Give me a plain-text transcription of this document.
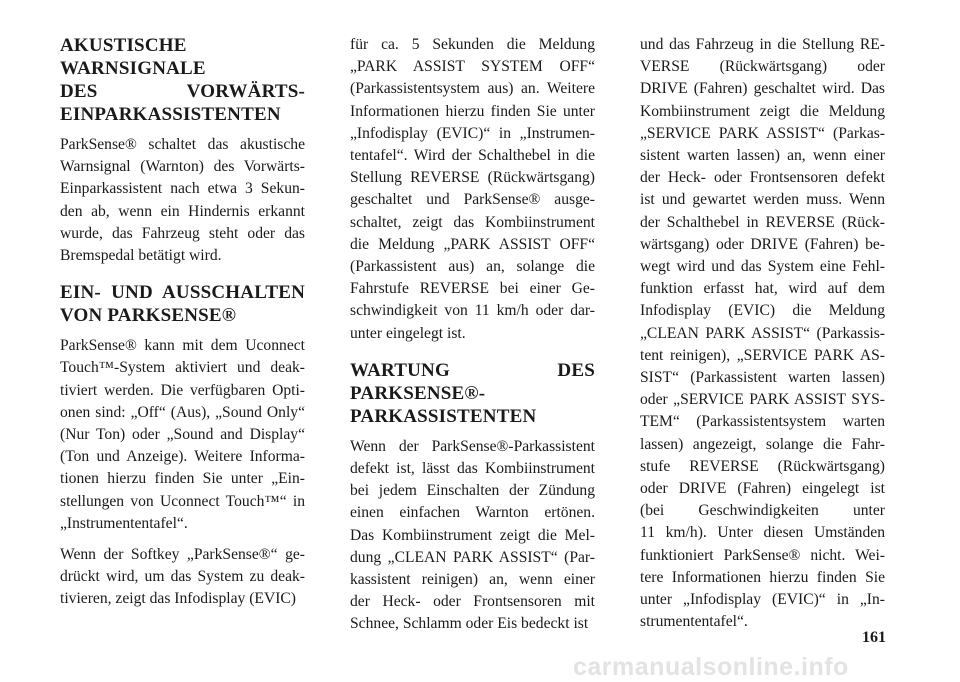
AKUSTISCHE
WARNSIGNALE
DES VORWÄRTS-
EINPARKASSISTENTEN

ParkSense® schaltet das akustische
Warnsignal (Warnton) des Vorwärts-
Einparkassistent nach etwa 3 Sekun-
den ab, wenn ein Hindernis erkannt
wurde, das Fahrzeug steht oder das
Bremspedal betätigt wird.

EIN- UND AUSSCHALTEN
VON PARKSENSE®

ParkSense® kann mit dem Uconnect
Touch™-System aktiviert und deak-
tiviert werden. Die verfügbaren Opti-
onen sind: „Off“ (Aus), „Sound Only“
(Nur Ton) oder „Sound and Display“
(Ton und Anzeige). Weitere Informa-
tionen hierzu finden Sie unter „Ein-
stellungen von Uconnect Touch™“ in
„Instrumententafel“.

Wenn der Softkey „ParkSense®“ ge-
drückt wird, um das System zu deak-
tivieren, zeigt das Infodisplay (EVIC)

für ca. 5 Sekunden die Meldung
„PARK ASSIST SYSTEM OFF“
(Parkassistentsystem aus) an. Weitere
Informationen hierzu finden Sie unter
„Infodisplay (EVIC)“ in „Instrumen-
tentafel“. Wird der Schalthebel in die
Stellung REVERSE (Rückwärtsgang)
geschaltet und ParkSense® ausge-
schaltet, zeigt das Kombiinstrument
die Meldung „PARK ASSIST OFF“
(Parkassistent aus) an, solange die
Fahrstufe REVERSE bei einer Ge-
schwindigkeit von 11 km/h oder dar-
unter eingelegt ist.

WARTUNG DES
PARKSENSE®-
PARKASSISTENTEN

Wenn der ParkSense®-Parkassistent
defekt ist, lässt das Kombiinstrument
bei jedem Einschalten der Zündung
einen einfachen Warnton ertönen.
Das Kombiinstrument zeigt die Mel-
dung „CLEAN PARK ASSIST“ (Par-
kassistent reinigen) an, wenn einer
der Heck- oder Frontsensoren mit
Schnee, Schlamm oder Eis bedeckt ist

und das Fahrzeug in die Stellung RE-
VERSE (Rückwärtsgang) oder
DRIVE (Fahren) geschaltet wird. Das
Kombiinstrument zeigt die Meldung
„SERVICE PARK ASSIST“ (Parkas-
sistent warten lassen) an, wenn einer
der Heck- oder Frontsensoren defekt
ist und gewartet werden muss. Wenn
der Schalthebel in REVERSE (Rück-
wärtsgang) oder DRIVE (Fahren) be-
wegt wird und das System eine Fehl-
funktion erfasst hat, wird auf dem
Infodisplay (EVIC) die Meldung
„CLEAN PARK ASSIST“ (Parkassis-
tent reinigen), „SERVICE PARK AS-
SIST“ (Parkassistent warten lassen)
oder „SERVICE PARK ASSIST SYS-
TEM“ (Parkassistentsystem warten
lassen) angezeigt, solange die Fahr-
stufe REVERSE (Rückwärtsgang)
oder DRIVE (Fahren) eingelegt ist
(bei Geschwindigkeiten unter
11 km/h). Unter diesen Umständen
funktioniert ParkSense® nicht. Wei-
tere Informationen hierzu finden Sie
unter „Infodisplay (EVIC)“ in „In-
strumententafel“.

161
carmanualsonline.info
